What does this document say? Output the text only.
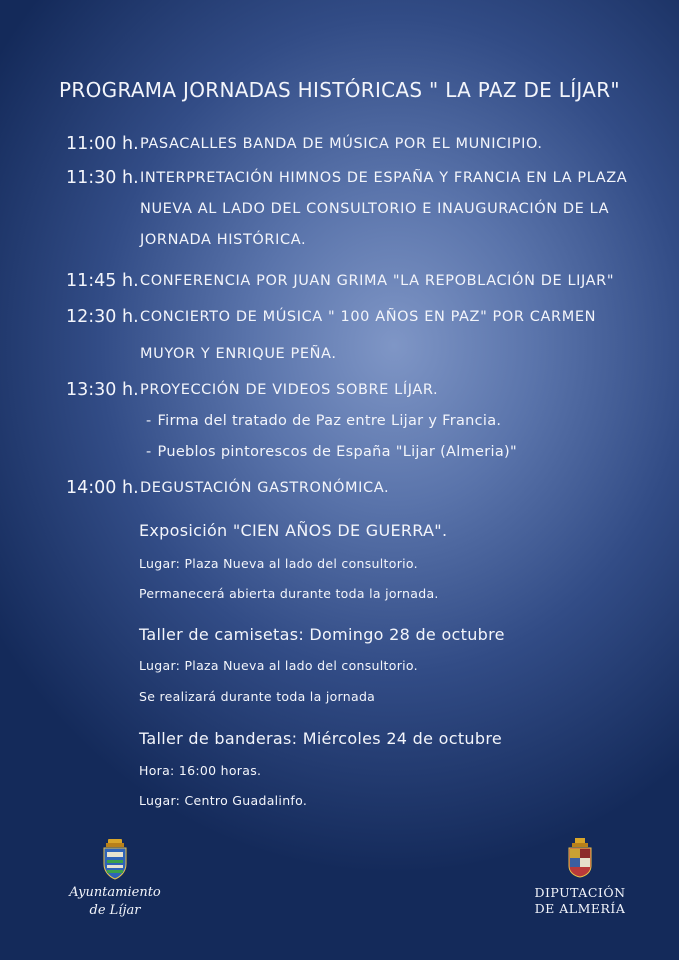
PROGRAMA JORNADAS HISTÓRICAS " LA PAZ DE LÍJAR"
11:00 h. PASACALLES BANDA DE MÚSICA POR EL MUNICIPIO.
11:30 h. INTERPRETACIÓN HIMNOS DE ESPAÑA Y FRANCIA EN LA PLAZA
NUEVA AL LADO DEL CONSULTORIO E INAUGURACIÓN DE LA
JORNADA HISTÓRICA.
11:45 h. CONFERENCIA POR JUAN GRIMA "LA REPOBLACIÓN DE LIJAR"
12:30 h. CONCIERTO DE MÚSICA " 100 AÑOS EN PAZ" POR CARMEN
MUYOR Y ENRIQUE PEÑA.
13:30 h. PROYECCIÓN DE VIDEOS SOBRE LÍJAR.
- Firma del tratado de Paz entre Lijar y Francia.
- Pueblos pintorescos de España "Lijar (Almeria)"
14:00 h. DEGUSTACIÓN GASTRONÓMICA.
Exposición "CIEN AÑOS DE GUERRA".
Lugar: Plaza Nueva al lado del consultorio.
Permanecerá abierta durante toda la jornada.
Taller de camisetas: Domingo 28 de octubre
Lugar: Plaza Nueva al lado del consultorio.
Se realizará durante toda la jornada
Taller de banderas: Miércoles 24 de octubre
Hora: 16:00 horas.
Lugar: Centro Guadalinfo.
Ayuntamiento
de Líjar
DIPUTACIÓN
DE ALMERÍA
